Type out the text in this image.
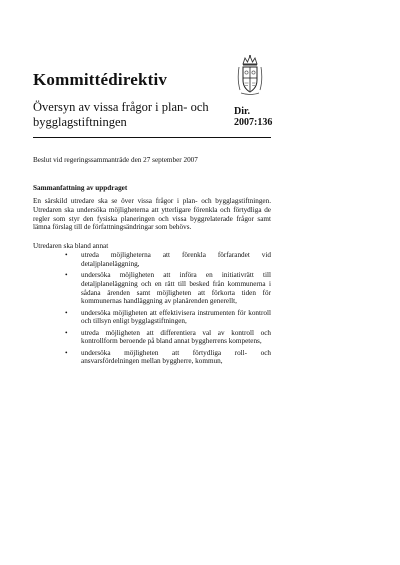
Kommittédirektiv
Översyn av vissa frågor i plan- och bygglagstiftningen
Dir.
2007:136
Beslut vid regeringssammanträde den 27 september 2007
Sammanfattning av uppdraget
En särskild utredare ska se över vissa frågor i plan- och bygglagstiftningen. Utredaren ska undersöka möjligheterna att ytterligare förenkla och förtydliga de regler som styr den fysiska planeringen och vissa byggrelaterade frågor samt lämna förslag till de författningsändringar som behövs.
Utredaren ska bland annat
• utreda möjligheterna att förenkla förfarandet vid detaljplaneläggning,
• undersöka möjligheten att införa en initiativrätt till detaljplaneläggning och en rätt till besked från kommunerna i sådana ärenden samt möjligheten att förkorta tiden för kommunernas handläggning av planärenden generellt,
• undersöka möjligheten att effektivisera instrumenten för kontroll och tillsyn enligt bygglagstiftningen,
• utreda möjligheten att differentiera val av kontroll och kontrollform beroende på bland annat byggherrens kompetens,
• undersöka möjligheten att förtydliga roll- och ansvarsfördelningen mellan byggherre, kommun,
